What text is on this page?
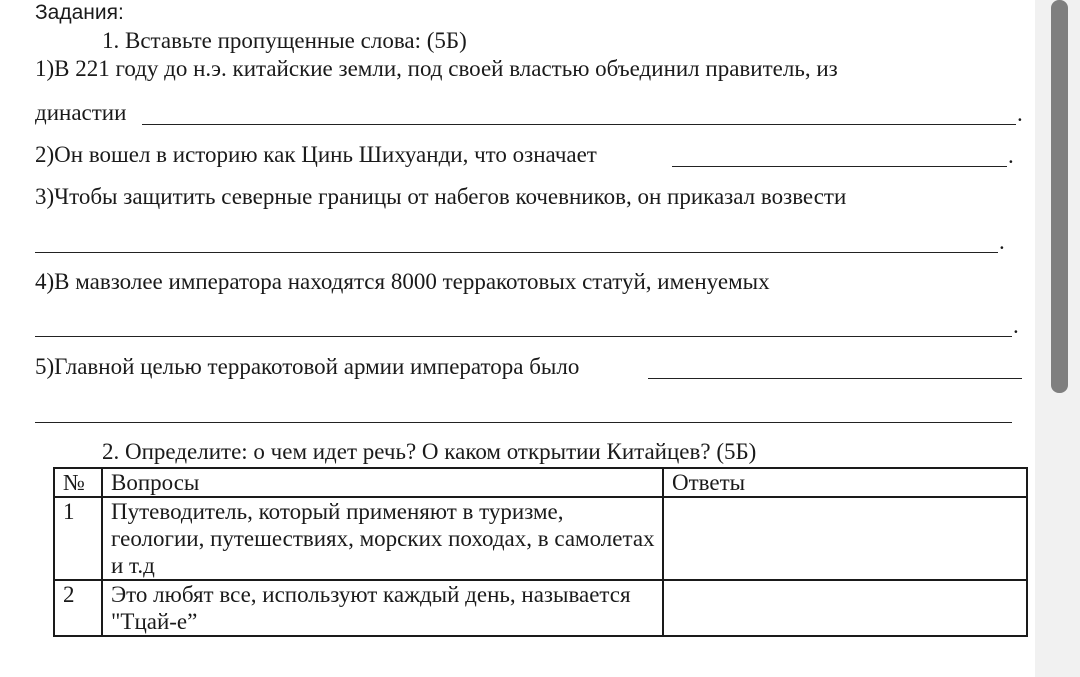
Задания:
1. Вставьте пропущенные слова: (5Б)
1)В 221 году до н.э. китайские земли, под своей властью объединил правитель, из
династии	.
2)Он вошел в историю как Цинь Шихуанди, что означает	.
3)Чтобы защитить северные границы от набегов кочевников, он приказал возвести
.
4)В мавзолее императора находятся 8000 терракотовых статуй, именуемых
.
5)Главной целью терракотовой армии императора было
2. Определите: о чем идет речь? О каком открытии Китайцев? (5Б)
№	Вопросы	Ответы
1	Путеводитель, который применяют в туризме, геологии, путешествиях, морских походах, в самолетах и т.д	
2	Это любят все, используют каждый день, называется "Тцай-е”	
